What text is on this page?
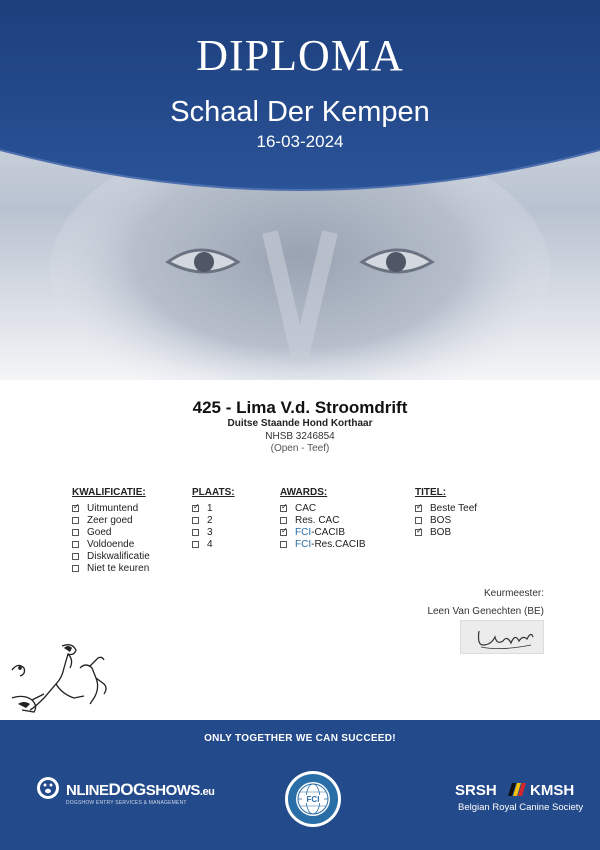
DIPLOMA
Schaal Der Kempen
16-03-2024
425 - Lima V.d. Stroomdrift
Duitse Staande Hond Korthaar
NHSB 3246854
(Open - Teef)
KWALIFICATIE:
✓
Uitmuntend
Zeer goed
Goed
Voldoende
Diskwalificatie
Niet te keuren
PLAATS:
✓
1
2
3
4
AWARDS:
✓
CAC
Res. CAC
✓
FCI -CACIB
FCI -Res.CACIB
TITEL:
✓
Beste Teef
BOS
✓
BOB
Keurmeester:
Leen Van Genechten (BE)
ONLY TOGETHER WE CAN SUCCEED!
NLINEDOGSHOWS.eu
DOGSHOW ENTRY SERVICES & MANAGEMENT	FCI
SRSH KMSH
Belgian Royal Canine Society
